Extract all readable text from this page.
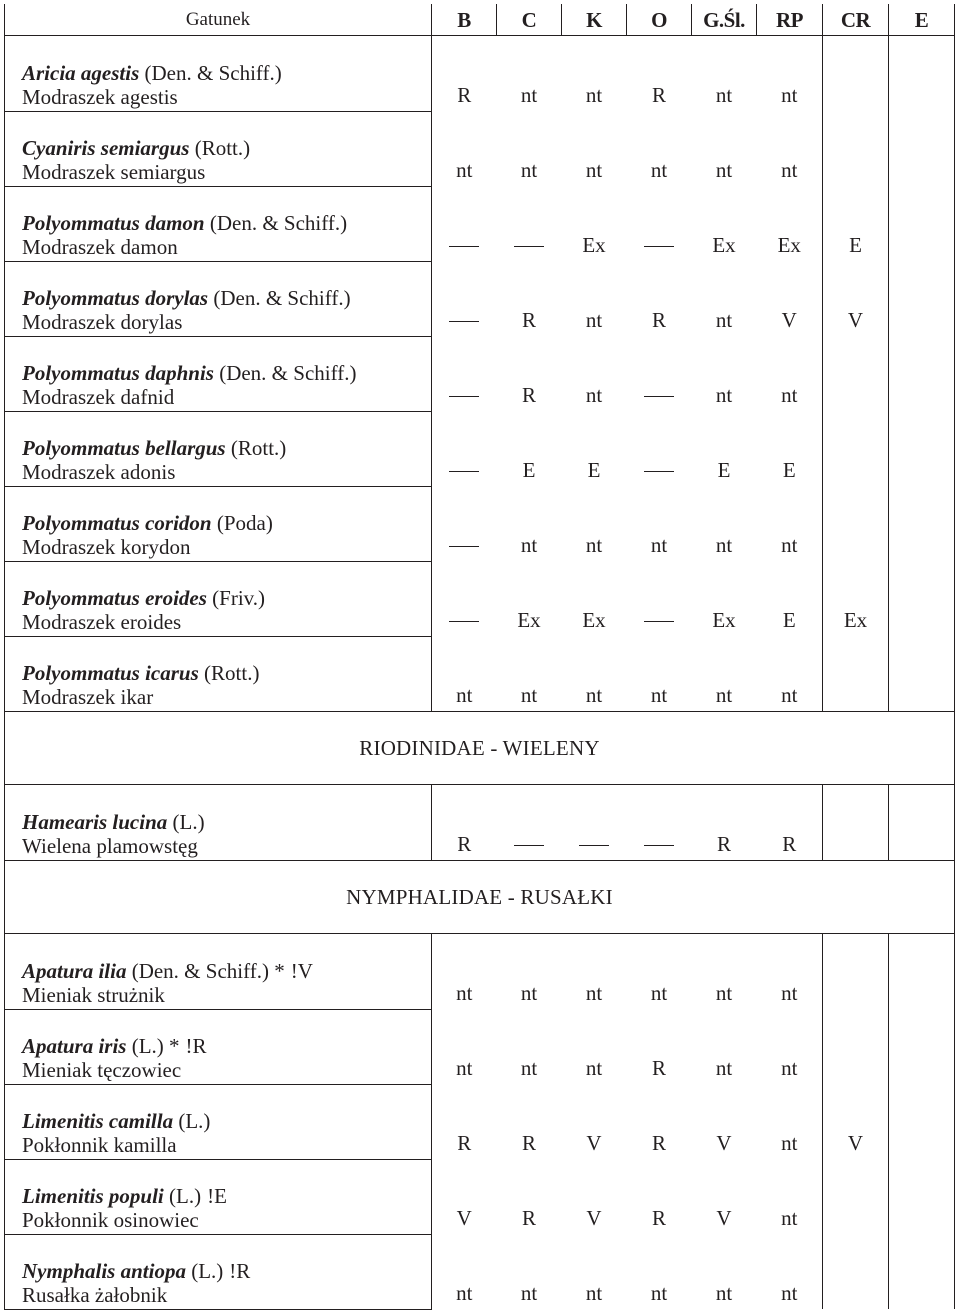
Gatunek	B	C	K	O	G.Śl.	RP	CR	E

Aricia agestis (Den. & Schiff.)
Modraszek agestis	R	nt	nt	R	nt	nt		

Cyaniris semiargus (Rott.)
Modraszek semiargus	nt	nt	nt	nt	nt	nt		

Polyommatus damon (Den. & Schiff.)
Modraszek damon			Ex		Ex	Ex	E	

Polyommatus dorylas (Den. & Schiff.)
Modraszek dorylas		R	nt	R	nt	V	V	

Polyommatus daphnis (Den. & Schiff.)
Modraszek dafnid		R	nt		nt	nt		

Polyommatus bellargus (Rott.)
Modraszek adonis		E	E		E	E		

Polyommatus coridon (Poda)
Modraszek korydon		nt	nt	nt	nt	nt		

Polyommatus eroides (Friv.)
Modraszek eroides		Ex	Ex		Ex	E	Ex	

Polyommatus icarus (Rott.)
Modraszek ikar	nt	nt	nt	nt	nt	nt		
RIODINIDAE - WIELENY								

Hamearis lucina (L.)
Wielena plamowstęg	R				R	R		
NYMPHALIDAE - RUSAŁKI								

Apatura ilia (Den. & Schiff.) * !V
Mieniak strużnik	nt	nt	nt	nt	nt	nt		

Apatura iris (L.) * !R
Mieniak tęczowiec	nt	nt	nt	R	nt	nt		

Limenitis camilla (L.)
Pokłonnik kamilla	R	R	V	R	V	nt	V	

Limenitis populi (L.) !E
Pokłonnik osinowiec	V	R	V	R	V	nt		

Nymphalis antiopa (L.) !R
Rusałka żałobnik	nt	nt	nt	nt	nt	nt		
